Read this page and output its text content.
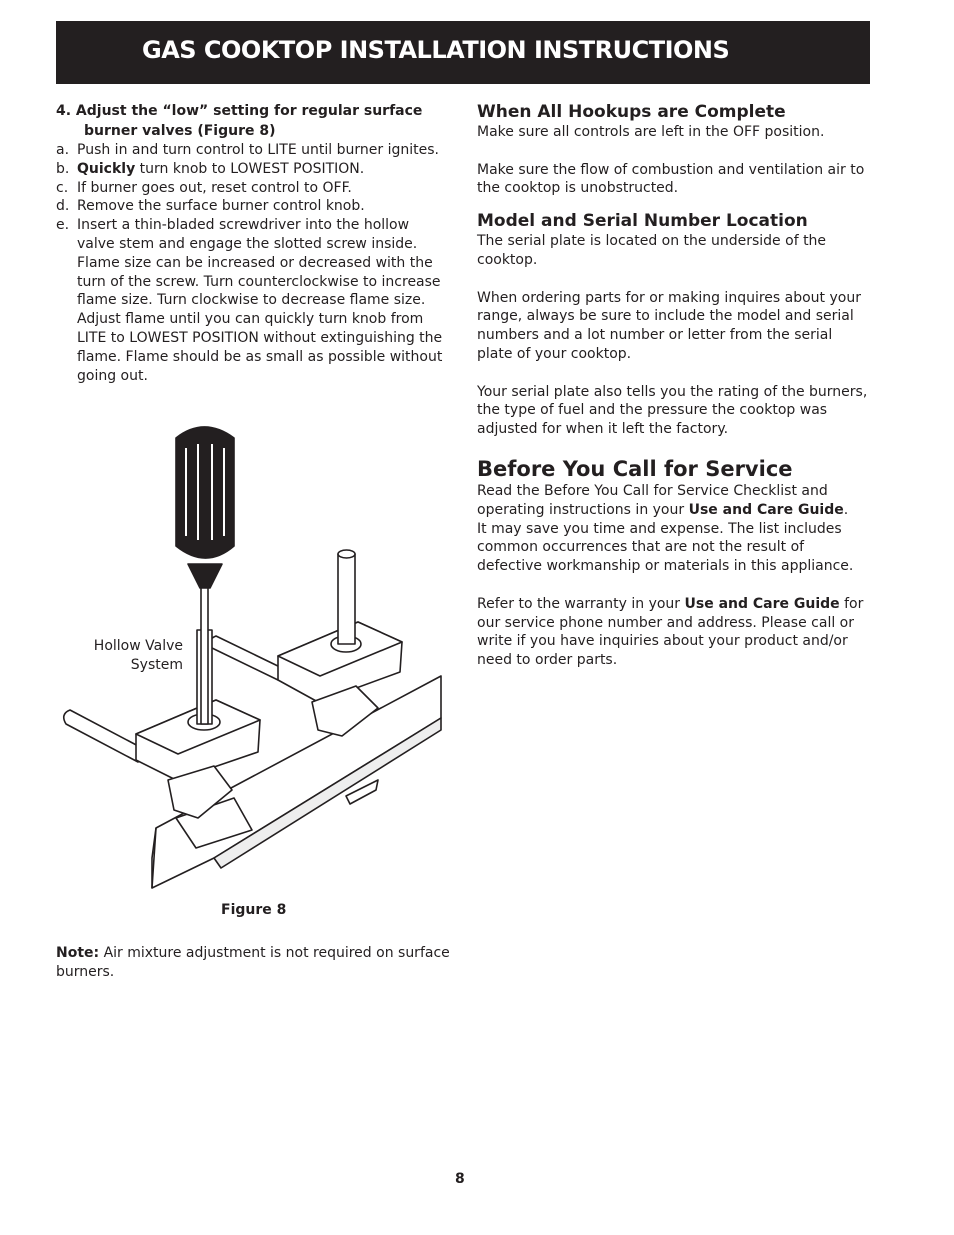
GAS COOKTOP INSTALLATION INSTRUCTIONS
4. Adjust the “low” setting for regular surface
burner valves (Figure 8)
a. Push in and turn control to LITE until burner ignites.
b. Quickly turn knob to LOWEST POSITION.
c. If burner goes out, reset control to OFF.
d. Remove the surface burner control knob.
e. Insert a thin-bladed screwdriver into the hollow valve stem and engage the slotted screw inside. Flame size can be increased or decreased with the turn of the screw. Turn counterclockwise to increase flame size. Turn clockwise to decrease flame size. Adjust flame until you can quickly turn knob from LITE to LOWEST POSITION without extinguishing the flame. Flame should be as small as possible without going out.
Hollow Valve
System
Figure 8
Note: Air mixture adjustment is not required on surface burners.
When All Hookups are Complete

Make sure all controls are left in the OFF position.

Make sure the flow of combustion and ventilation air to the cooktop is unobstructed.

Model and Serial Number Location

The serial plate is located on the underside of the cooktop.

When ordering parts for or making inquires about your range, always be sure to include the model and serial numbers and a lot number or letter from the serial plate of your cooktop.

Your serial plate also tells you the rating of the burners, the type of fuel and the pressure the cooktop was adjusted for when it left the factory.

Before You Call for Service

Read the Before You Call for Service Checklist and operating instructions in your Use and Care Guide.
It may save you time and expense. The list includes common occurrences that are not the result of defective workmanship or materials in this appliance.

Refer to the warranty in your Use and Care Guide for our service phone number and address. Please call or write if you have inquiries about your product and/or need to order parts.

8
